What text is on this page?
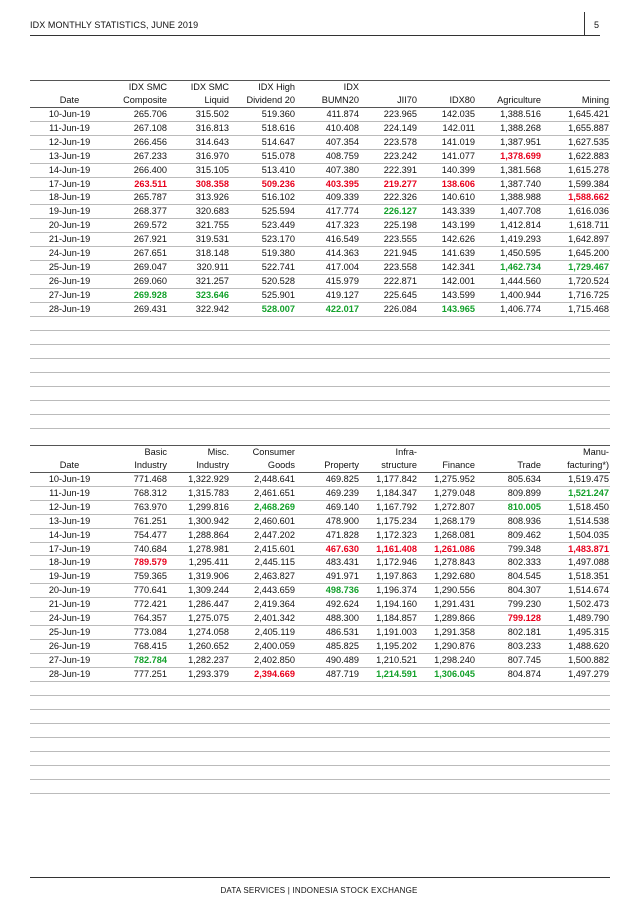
IDX MONTHLY STATISTICS, JUNE 2019	5
	IDX SMC	IDX SMC	IDX High	IDX				
Date	Composite	Liquid	Dividend 20	BUMN20	JII70	IDX80	Agriculture	Mining
10-Jun-19	265.706	315.502	519.360	411.874	223.965	142.035	1,388.516	1,645.421
11-Jun-19	267.108	316.813	518.616	410.408	224.149	142.011	1,388.268	1,655.887
12-Jun-19	266.456	314.643	514.647	407.354	223.578	141.019	1,387.951	1,627.535
13-Jun-19	267.233	316.970	515.078	408.759	223.242	141.077	1,378.699	1,622.883
14-Jun-19	266.400	315.105	513.410	407.380	222.391	140.399	1,381.568	1,615.278
17-Jun-19	263.511	308.358	509.236	403.395	219.277	138.606	1,387.740	1,599.384
18-Jun-19	265.787	313.926	516.102	409.339	222.326	140.610	1,388.988	1,588.662
19-Jun-19	268.377	320.683	525.594	417.774	226.127	143.339	1,407.708	1,616.036
20-Jun-19	269.572	321.755	523.449	417.323	225.198	143.199	1,412.814	1,618.711
21-Jun-19	267.921	319.531	523.170	416.549	223.555	142.626	1,419.293	1,642.897
24-Jun-19	267.651	318.148	519.380	414.363	221.945	141.639	1,450.595	1,645.200
25-Jun-19	269.047	320.911	522.741	417.004	223.558	142.341	1,462.734	1,729.467
26-Jun-19	269.060	321.257	520.528	415.979	222.871	142.001	1,444.560	1,720.524
27-Jun-19	269.928	323.646	525.901	419.127	225.645	143.599	1,400.944	1,716.725
28-Jun-19	269.431	322.942	528.007	422.017	226.084	143.965	1,406.774	1,715.468

	Basic	Misc.	Consumer		Infra-			Manu-
Date	Industry	Industry	Goods	Property	structure	Finance	Trade	facturing*)
10-Jun-19	771.468	1,322.929	2,448.641	469.825	1,177.842	1,275.952	805.634	1,519.475
11-Jun-19	768.312	1,315.783	2,461.651	469.239	1,184.347	1,279.048	809.899	1,521.247
12-Jun-19	763.970	1,299.816	2,468.269	469.140	1,167.792	1,272.807	810.005	1,518.450
13-Jun-19	761.251	1,300.942	2,460.601	478.900	1,175.234	1,268.179	808.936	1,514.538
14-Jun-19	754.477	1,288.864	2,447.202	471.828	1,172.323	1,268.081	809.462	1,504.035
17-Jun-19	740.684	1,278.981	2,415.601	467.630	1,161.408	1,261.086	799.348	1,483.871
18-Jun-19	789.579	1,295.411	2,445.115	483.431	1,172.946	1,278.843	802.333	1,497.088
19-Jun-19	759.365	1,319.906	2,463.827	491.971	1,197.863	1,292.680	804.545	1,518.351
20-Jun-19	770.641	1,309.244	2,443.659	498.736	1,196.374	1,290.556	804.307	1,514.674
21-Jun-19	772.421	1,286.447	2,419.364	492.624	1,194.160	1,291.431	799.230	1,502.473
24-Jun-19	764.357	1,275.075	2,401.342	488.300	1,184.857	1,289.866	799.128	1,489.790
25-Jun-19	773.084	1,274.058	2,405.119	486.531	1,191.003	1,291.358	802.181	1,495.315
26-Jun-19	768.415	1,260.652	2,400.059	485.825	1,195.202	1,290.876	803.233	1,488.620
27-Jun-19	782.784	1,282.237	2,402.850	490.489	1,210.521	1,298.240	807.745	1,500.882
28-Jun-19	777.251	1,293.379	2,394.669	487.719	1,214.591	1,306.045	804.874	1,497.279

DATA SERVICES | INDONESIA STOCK EXCHANGE
